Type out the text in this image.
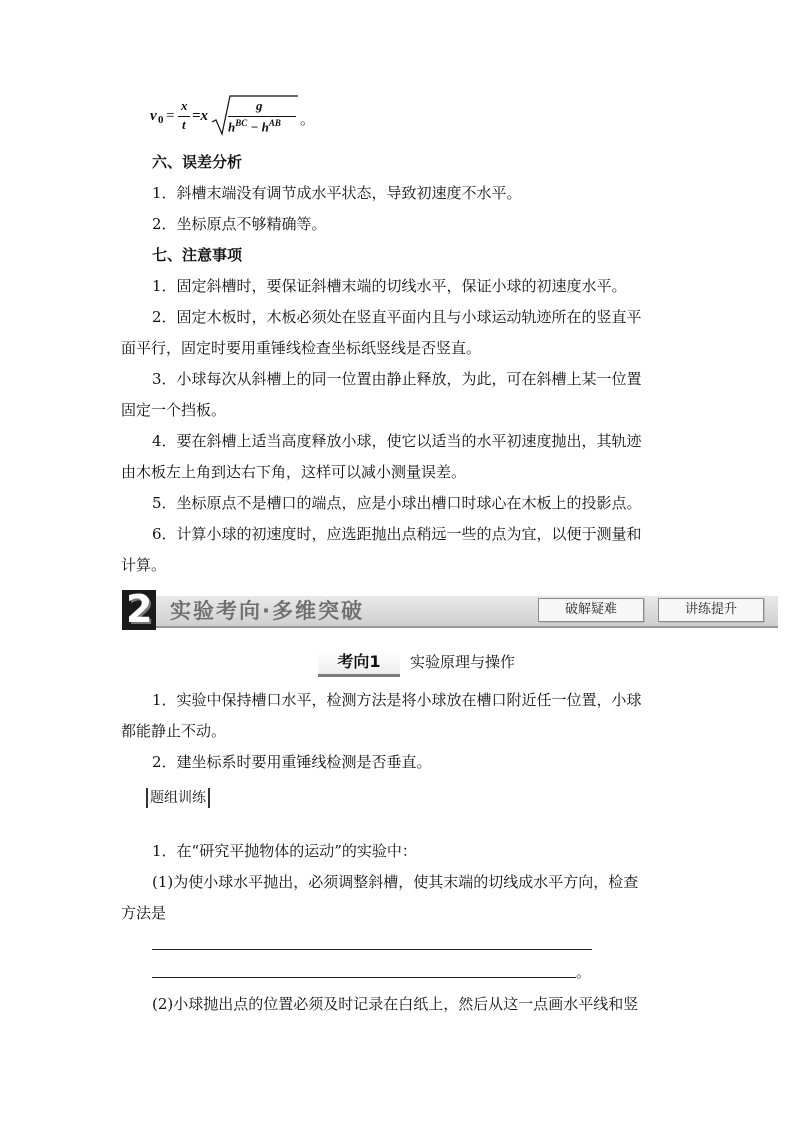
v 0 =
x
t
=x
g
$h^{BC} - h^{AB}$ 。
六、误差分析
1．斜槽末端没有调节成水平状态，导致初速度不水平。
2．坐标原点不够精确等。
七、注意事项
1．固定斜槽时，要保证斜槽末端的切线水平，保证小球的初速度水平。
2．固定木板时，木板必须处在竖直平面内且与小球运动轨迹所在的竖直平
面平行，固定时要用重锤线检查坐标纸竖线是否竖直。
3．小球每次从斜槽上的同一位置由静止释放，为此，可在斜槽上某一位置
固定一个挡板。
4．要在斜槽上适当高度释放小球，使它以适当的水平初速度抛出，其轨迹
由木板左上角到达右下角，这样可以减小测量误差。
5．坐标原点不是槽口的端点，应是小球出槽口时球心在木板上的投影点。
6．计算小球的初速度时，应选距抛出点稍远一些的点为宜，以便于测量和
计算。
2 实验考向·多维突破	破解疑难	讲练提升
考向1	实验原理与操作
1．实验中保持槽口水平，检测方法是将小球放在槽口附近任一位置，小球
都能静止不动。
2．建坐标系时要用重锤线检测是否垂直。
题组训练
1．在“研究平抛物体的运动”的实验中：
(1)为使小球水平抛出，必须调整斜槽，使其末端的切线成水平方向，检查
方法是
。
(2)小球抛出点的位置必须及时记录在白纸上，然后从这一点画水平线和竖
